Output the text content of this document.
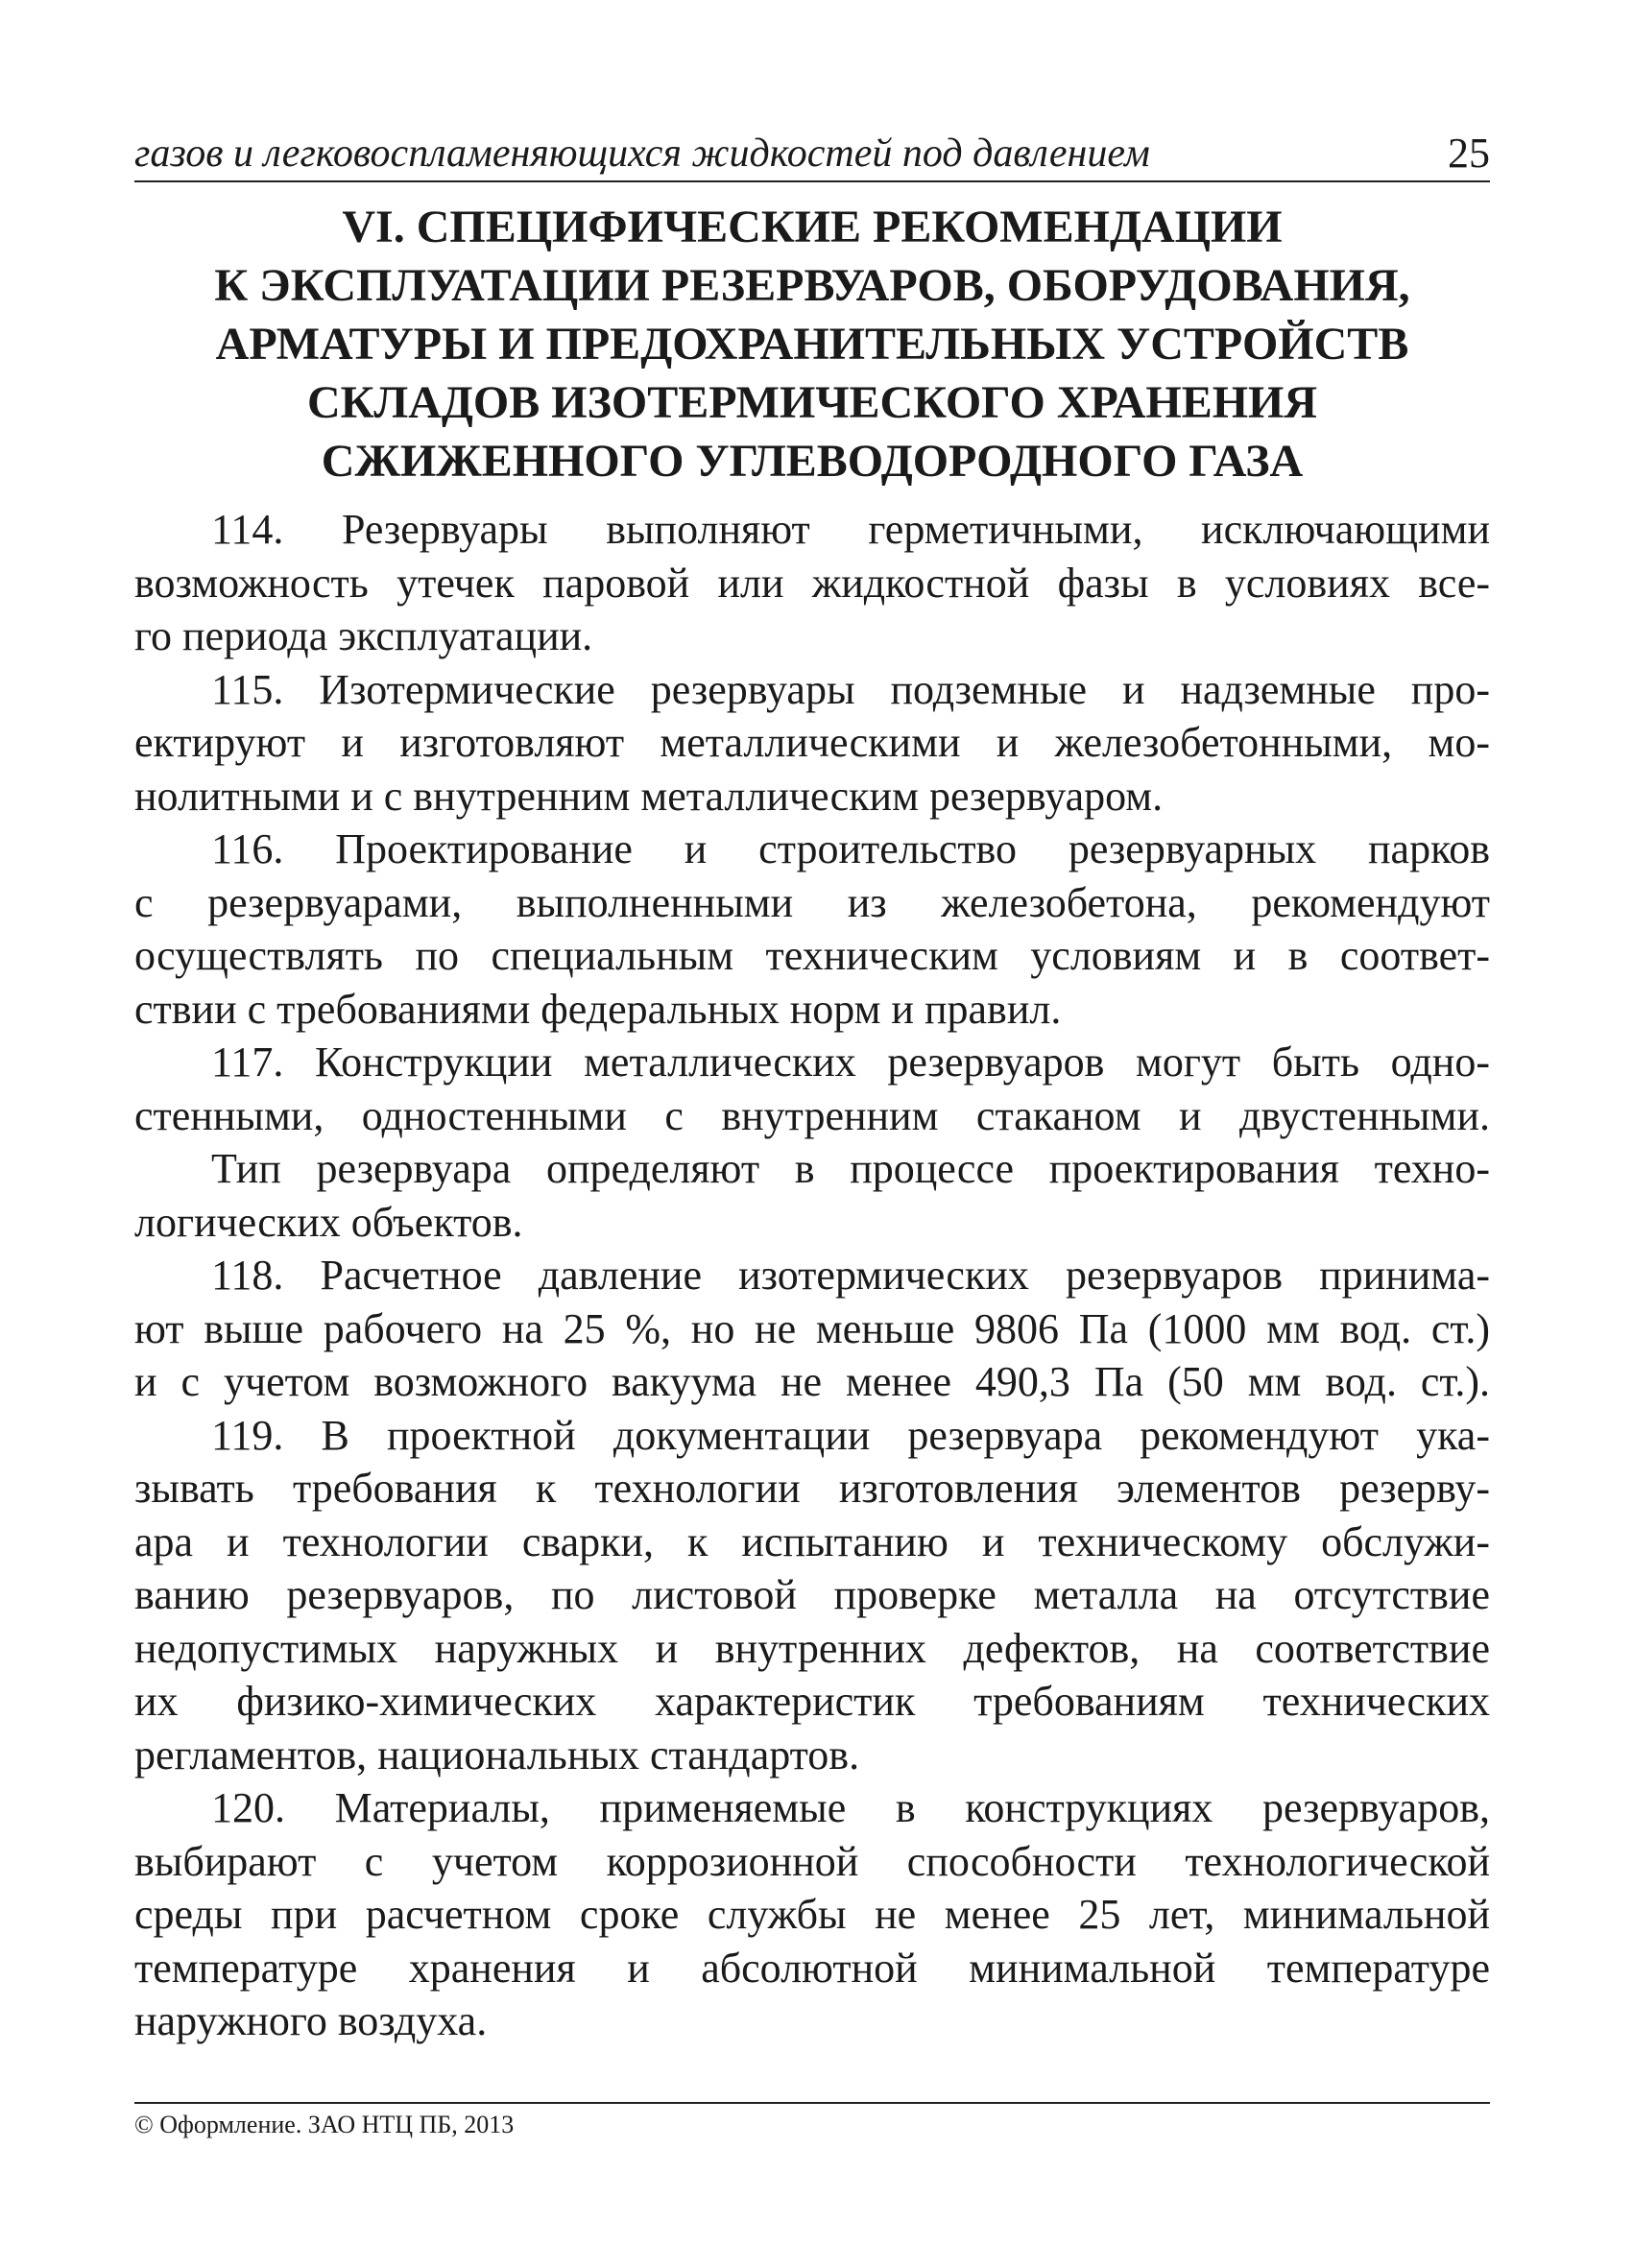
газов и легковоспламеняющихся жидкостей под давлением	25
VI. СПЕЦИФИЧЕСКИЕ РЕКОМЕНДАЦИИ
К ЭКСПЛУАТАЦИИ РЕЗЕРВУАРОВ, ОБОРУДОВАНИЯ,
АРМАТУРЫ И ПРЕДОХРАНИТЕЛЬНЫХ УСТРОЙСТВ
СКЛАДОВ ИЗОТЕРМИЧЕСКОГО ХРАНЕНИЯ
СЖИЖЕННОГО УГЛЕВОДОРОДНОГО ГАЗА
114. Резервуары выполняют герметичными, исключающими
возможность утечек паровой или жидкостной фазы в условиях все-
го периода эксплуатации.
115. Изотермические резервуары подземные и надземные про-
ектируют и изготовляют металлическими и железобетонными, мо-
нолитными и с внутренним металлическим резервуаром.
116. Проектирование и строительство резервуарных парков
с резервуарами, выполненными из железобетона, рекомендуют
осуществлять по специальным техническим условиям и в соответ-
ствии с требованиями федеральных норм и правил.
117. Конструкции металлических резервуаров могут быть одно-
стенными, одностенными с внутренним стаканом и двустенными.
Тип резервуара определяют в процессе проектирования техно-
логических объектов.
118. Расчетное давление изотермических резервуаров принима-
ют выше рабочего на 25 %, но не меньше 9806 Па (1000 мм вод. ст.)
и с учетом возможного вакуума не менее 490,3 Па (50 мм вод. ст.).
119. В проектной документации резервуара рекомендуют ука-
зывать требования к технологии изготовления элементов резерву-
ара и технологии сварки, к испытанию и техническому обслужи-
ванию резервуаров, по листовой проверке металла на отсутствие
недопустимых наружных и внутренних дефектов, на соответствие
их физико-химических характеристик требованиям технических
регламентов, национальных стандартов.
120. Материалы, применяемые в конструкциях резервуаров,
выбирают с учетом коррозионной способности технологической
среды при расчетном сроке службы не менее 25 лет, минимальной
температуре хранения и абсолютной минимальной температуре
наружного воздуха.
© Оформление. ЗАО НТЦ ПБ, 2013
